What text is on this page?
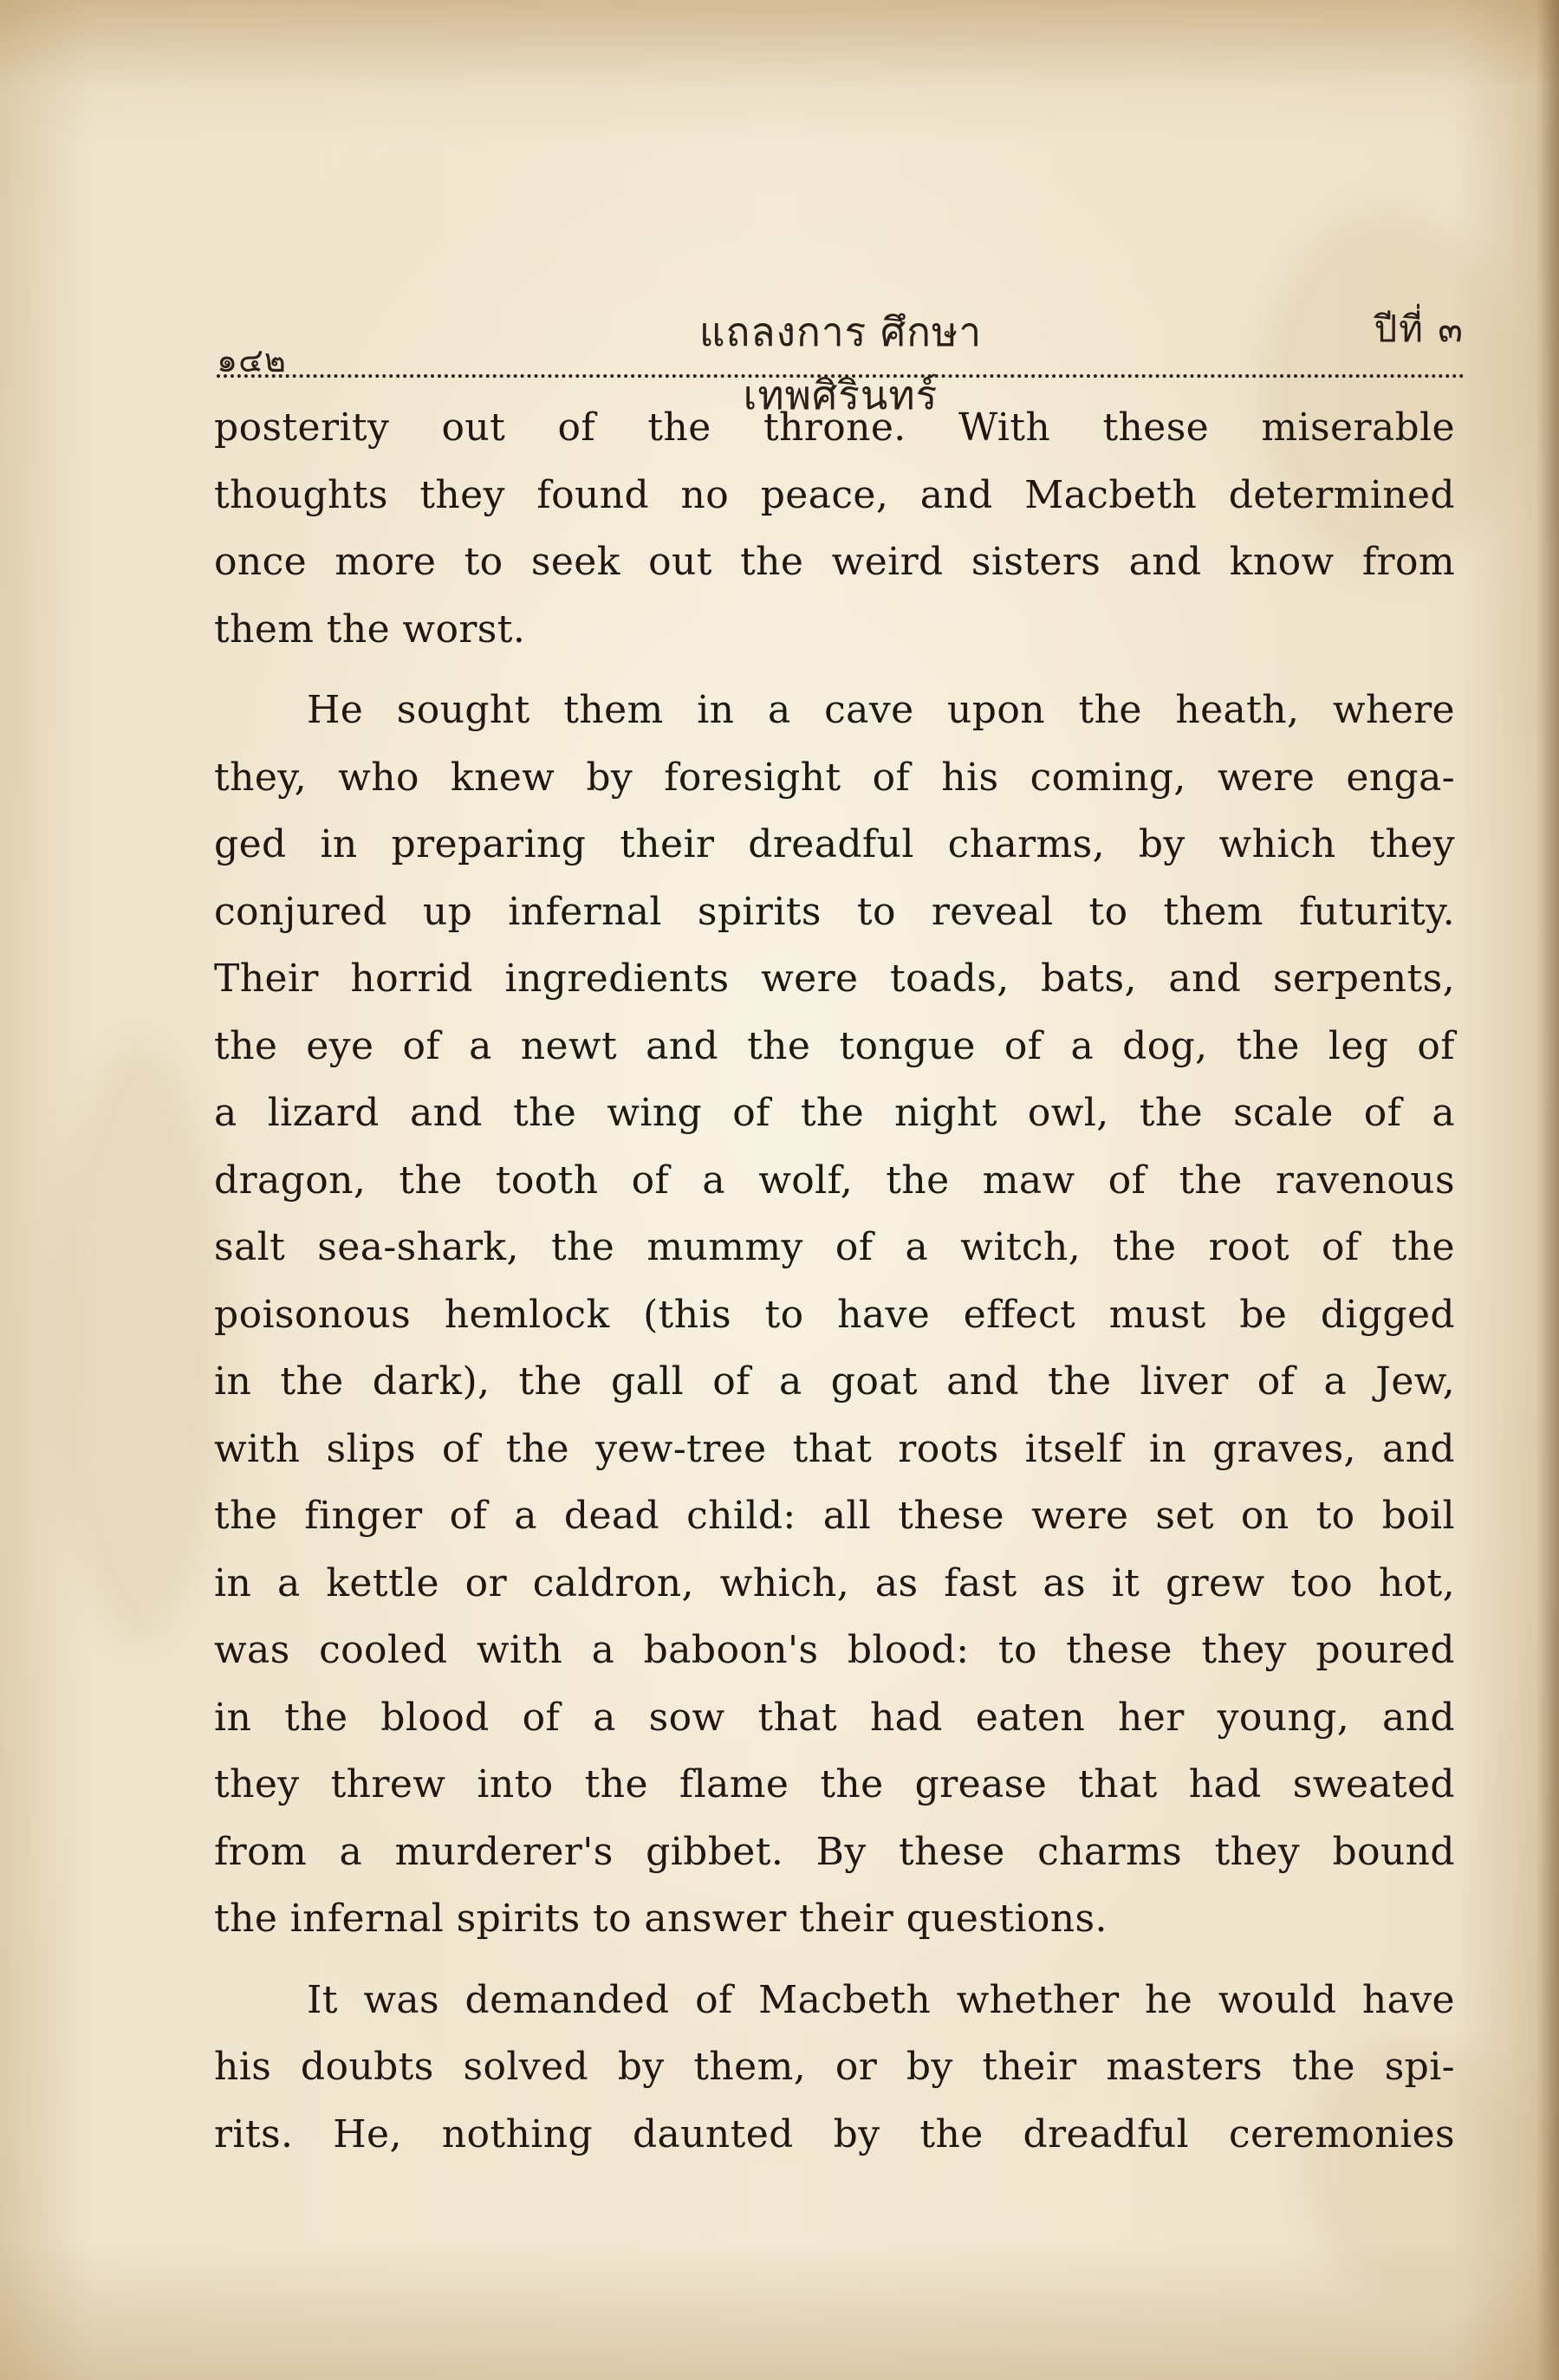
๑๔๒
แถลงการ ศึกษา เทพศิรินทร์
ปีที่ ๓

posterity out of the throne. With these miserable
thoughts they found no peace, and Macbeth determined
once more to seek out the weird sisters and know from
them the worst.

He sought them in a cave upon the heath, where
they, who knew by foresight of his coming, were enga-
ged in preparing their dreadful charms, by which they
conjured up infernal spirits to reveal to them futurity.
Their horrid ingredients were toads, bats, and serpents,
the eye of a newt and the tongue of a dog, the leg of
a lizard and the wing of the night owl, the scale of a
dragon, the tooth of a wolf, the maw of the ravenous
salt sea-shark, the mummy of a witch, the root of the
poisonous hemlock (this to have effect must be digged
in the dark), the gall of a goat and the liver of a Jew,
with slips of the yew-tree that roots itself in graves, and
the finger of a dead child: all these were set on to boil
in a kettle or caldron, which, as fast as it grew too hot,
was cooled with a baboon's blood: to these they poured
in the blood of a sow that had eaten her young, and
they threw into the flame the grease that had sweated
from a murderer's gibbet. By these charms they bound
the infernal spirits to answer their questions.

It was demanded of Macbeth whether he would have
his doubts solved by them, or by their masters the spi-
rits. He, nothing daunted by the dreadful ceremonies
